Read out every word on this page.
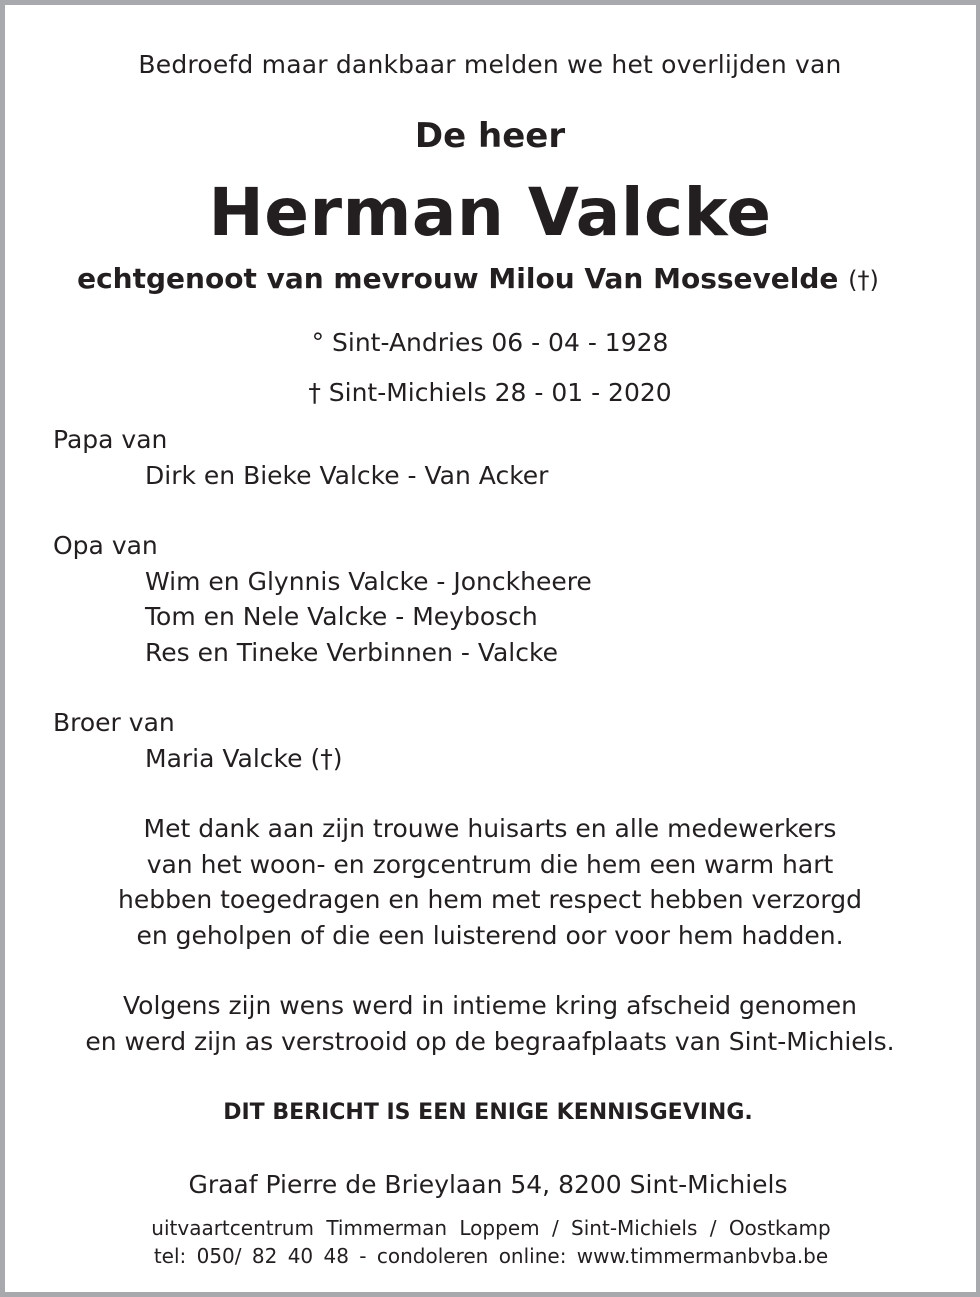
Bedroefd maar dankbaar melden we het overlijden van
De heer
Herman Valcke
echtgenoot van mevrouw Milou Van Mossevelde (†)
° Sint-Andries 06 - 04 - 1928
† Sint-Michiels 28 - 01 - 2020
Papa van
Dirk en Bieke Valcke - Van Acker
Opa van
Wim en Glynnis Valcke - Jonckheere
Tom en Nele Valcke - Meybosch
Res en Tineke Verbinnen - Valcke
Broer van
Maria Valcke (†)
Met dank aan zijn trouwe huisarts en alle medewerkers
van het woon- en zorgcentrum die hem een warm hart
hebben toegedragen en hem met respect hebben verzorgd
en geholpen of die een luisterend oor voor hem hadden.
Volgens zijn wens werd in intieme kring afscheid genomen
en werd zijn as verstrooid op de begraafplaats van Sint-Michiels.
DIT BERICHT IS EEN ENIGE KENNISGEVING.
Graaf Pierre de Brieylaan 54, 8200 Sint-Michiels
uitvaartcentrum Timmerman Loppem / Sint-Michiels / Oostkamp
tel: 050/ 82 40 48 - condoleren online: www.timmermanbvba.be
